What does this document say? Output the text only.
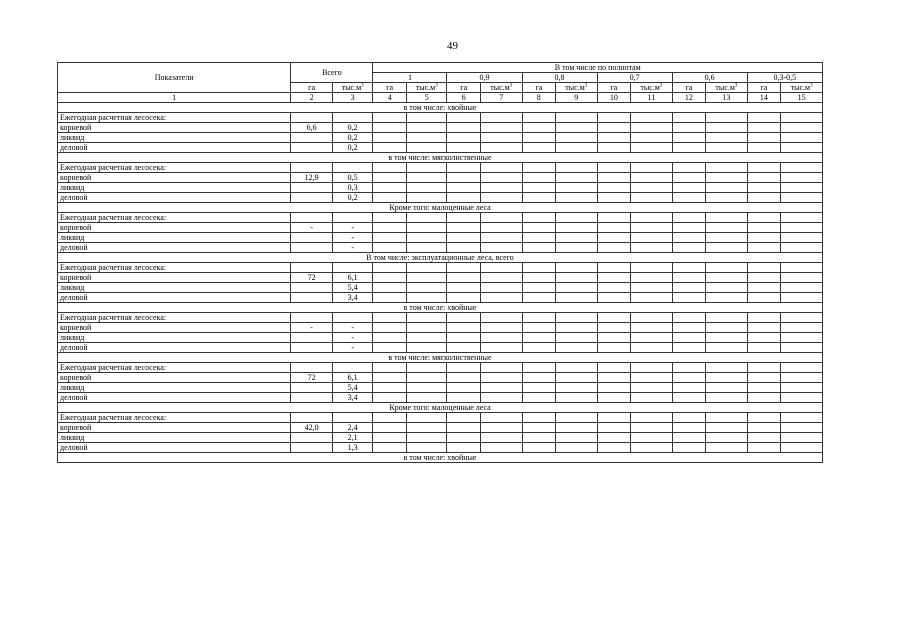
49
Показатели	Всего		В том числе по полнотам											
			1		0,9		0,8		0,7		0,6		0,3-0,5	
	га	$тыс.м^3$	га	$тыс.м^3$	га	$тыс.м^3$	га	$тыс.м^3$	га	$тыс.м^3$	га	$тыс.м^3$	га	$тыс.м^3$
1	2	3	4	5	6	7	8	9	10	11	12	13	14	15
в том числе: хвойные														
Ежегодная расчетная лесосека:														
корневой	6,6	0,2												
ликвид		0,2												
деловой		0,2												
в том числе: мягколиственные														
Ежегодная расчетная лесосека:														
корневой	12,9	0,5												
ликвид		0,3												
деловой		0,2												
Кроме того: малоценные леса														
Ежегодная расчетная лесосека:														
корневой	-	-												
ликвид		-												
деловой		-												
В том числе: эксплуатационные леса, всего														
Ежегодная расчетная лесосека:														
корневой	72	6,1												
ликвид		5,4												
деловой		3,4												
в том числе: хвойные														
Ежегодная расчетная лесосека:														
корневой	-	-												
ликвид		-												
деловой		-												
в том числе: мягколиственные														
Ежегодная расчетная лесосека:														
корневой	72	6,1												
ликвид		5,4												
деловой		3,4												
Кроме того: малоценные леса														
Ежегодная расчетная лесосека:														
корневой	42,0	2,4												
ликвид		2,1												
деловой		1,3												
в том числе: хвойные														
